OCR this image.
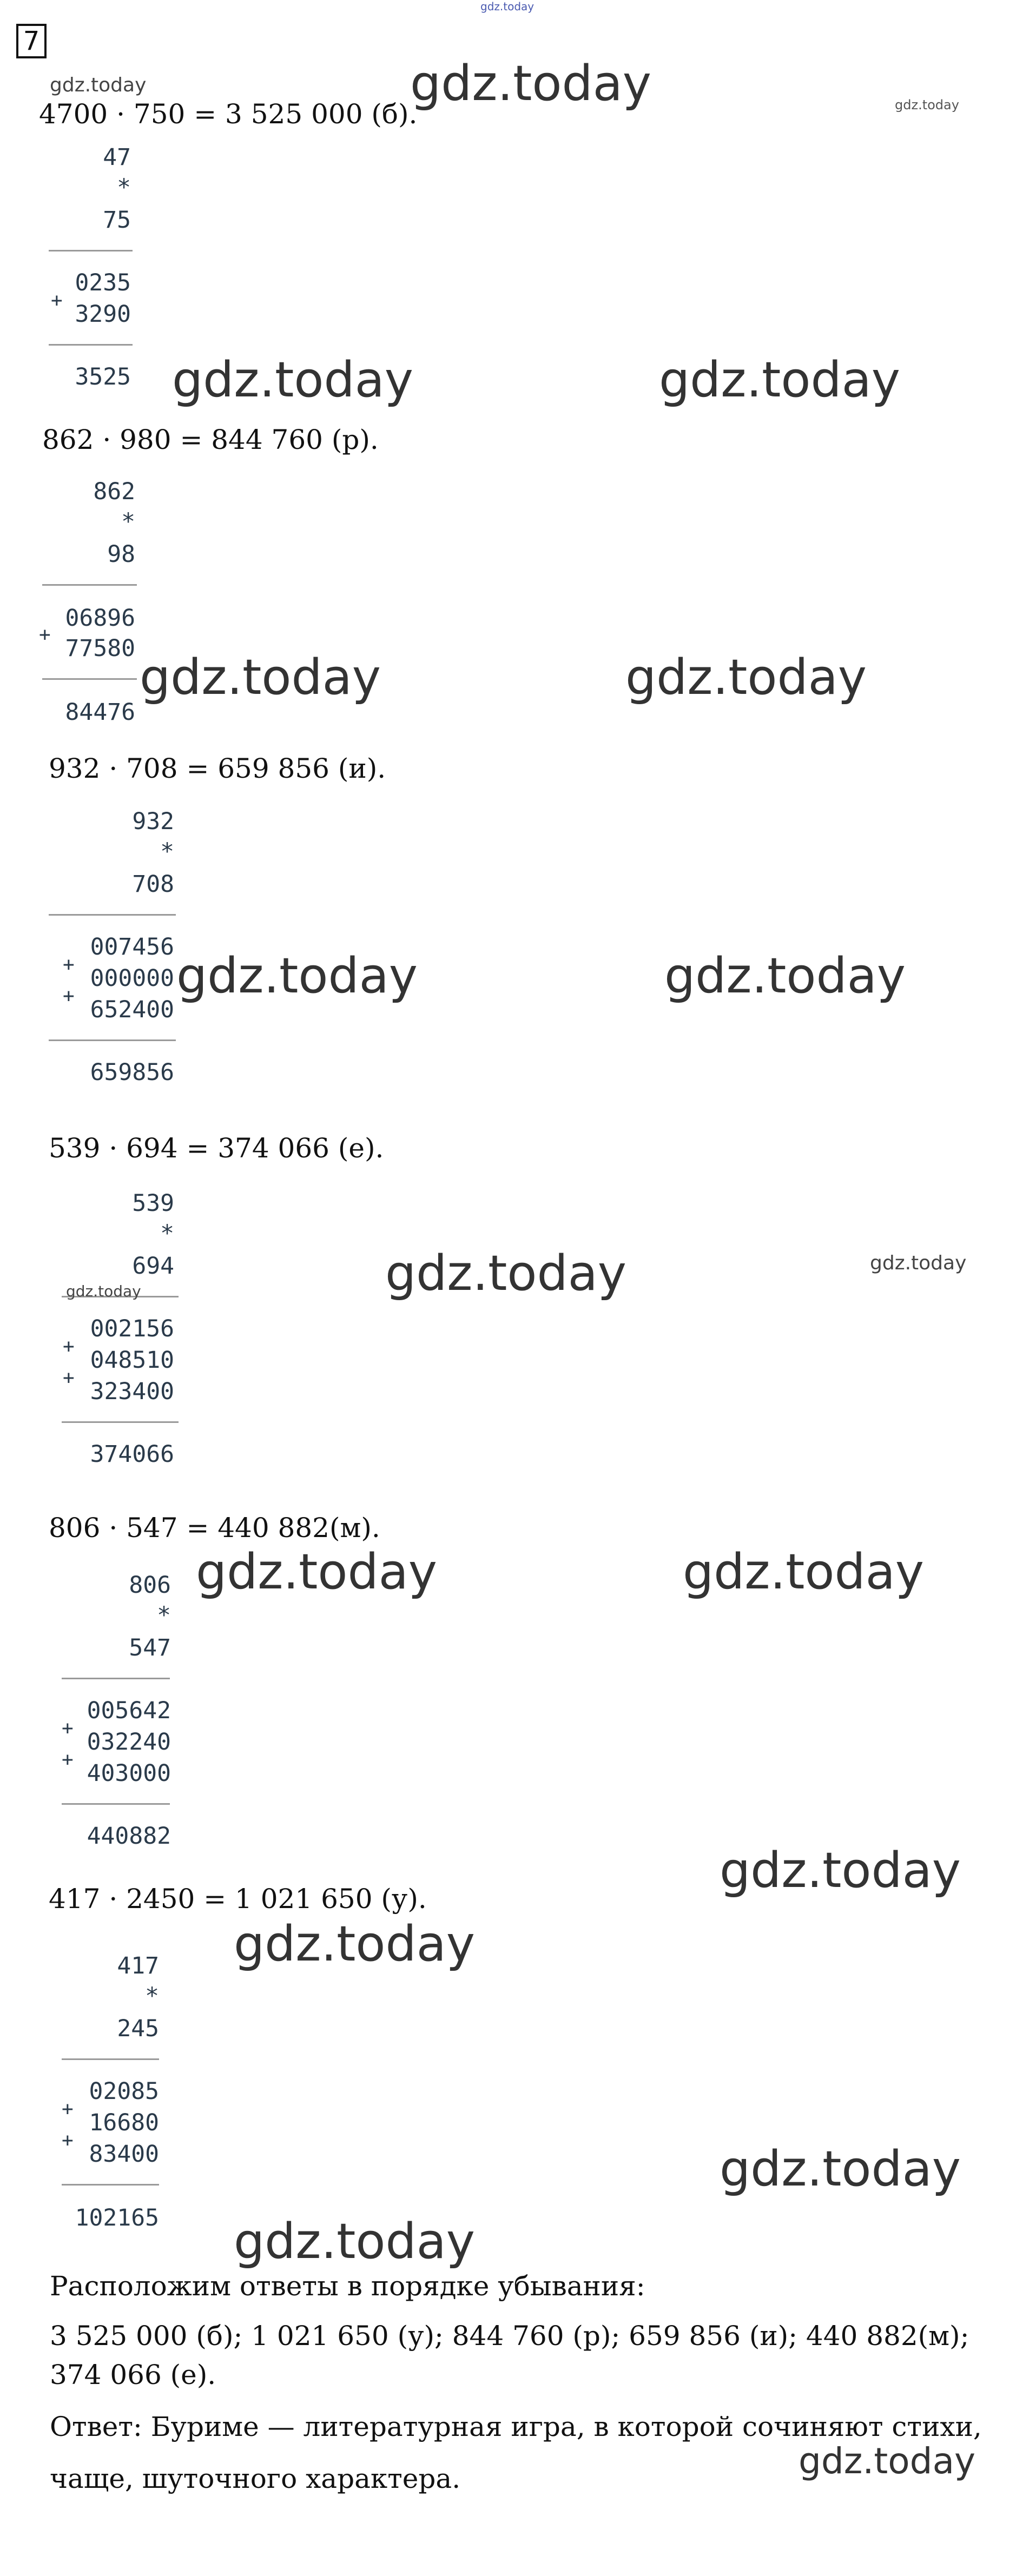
gdz.today
7
4700 · 750 = 3 525 000 (б).
47
*
75
0235
+
3290
3525
862 · 980 = 844 760 (р).
862
*
98
06896
+
77580
84476
932 · 708 = 659 856 (и).
932
*
708
007456
+
000000
+
652400
659856
539 · 694 = 374 066 (е).
539
*
694
002156
+
048510
+
323400
374066
806 · 547 = 440 882(м).
806
*
547
005642
+
032240
+
403000
440882
417 · 2450 = 1 021 650 (у).
417
*
245
02085
+
16680
+
83400
102165
Расположим ответы в порядке убывания:
3 525 000 (б); 1 021 650 (у); 844 760 (р); 659 856 (и); 440 882(м);
374 066 (е).
Ответ: Буриме — литературная игра, в которой сочиняют стихи,
чаще, шуточного характера.
gdz.today	gdz.today	gdz.today
gdz.today	gdz.today
gdz.today	gdz.today
gdz.today	gdz.today
gdz.today	gdz.today
gdz.today
gdz.today	gdz.today
gdz.today
gdz.today
gdz.today
gdz.today
gdz.today
